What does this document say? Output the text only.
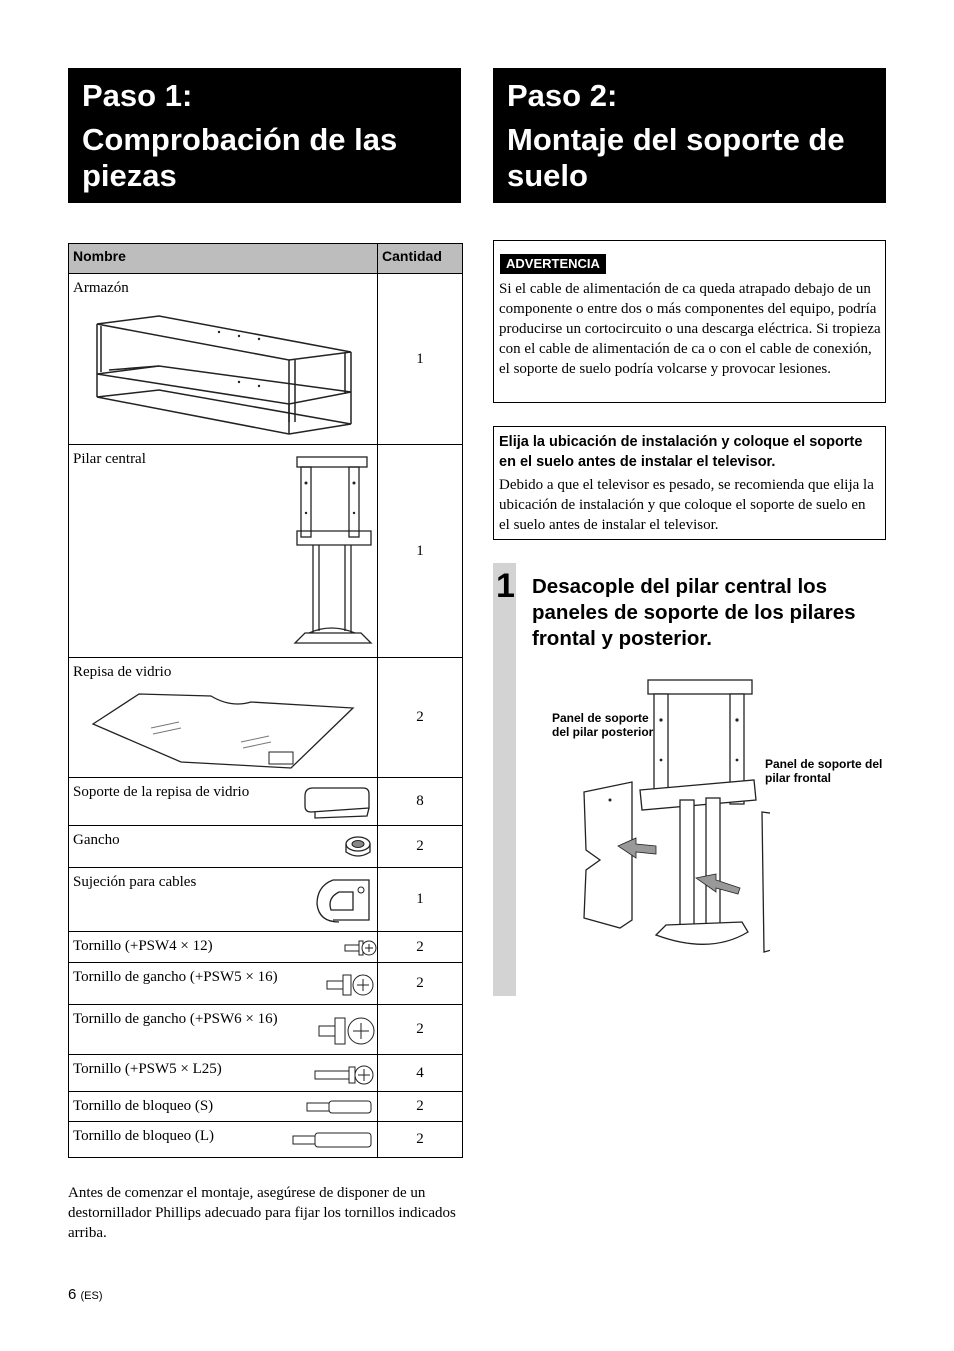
Paso 1:
Comprobación de las piezas
Paso 2:
Montaje del soporte de suelo
Nombre	Cantidad

Armazón	1

Pilar central	1

Repisa de vidrio	2

Soporte de la repisa de vidrio	8

Gancho	2

Sujeción para cables	1

Tornillo (+PSW4 × 12)	2

Tornillo de gancho (+PSW5 × 16)	2

Tornillo de gancho (+PSW6 × 16)	2

Tornillo (+PSW5 × L25)	4

Tornillo de bloqueo (S)	2

Tornillo de bloqueo (L)	2
Antes de comenzar el montaje, asegúrese de disponer de un destornillador Phillips adecuado para fijar los tornillos indicados arriba.
6 (ES)
ADVERTENCIA
Si el cable de alimentación de ca queda atrapado debajo de un componente o entre dos o más componentes del equipo, podría producirse un cortocircuito o una descarga eléctrica. Si tropieza con el cable de alimentación de ca o con el cable de conexión, el soporte de suelo podría volcarse y provocar lesiones.
Elija la ubicación de instalación y coloque el soporte en el suelo antes de instalar el televisor.
Debido a que el televisor es pesado, se recomienda que elija la ubicación de instalación y que coloque el soporte de suelo en el suelo antes de instalar el televisor.
1 Desacople del pilar central los paneles de soporte de los pilares frontal y posterior.
Panel de soporte del pilar posterior
Panel de soporte del pilar frontal
